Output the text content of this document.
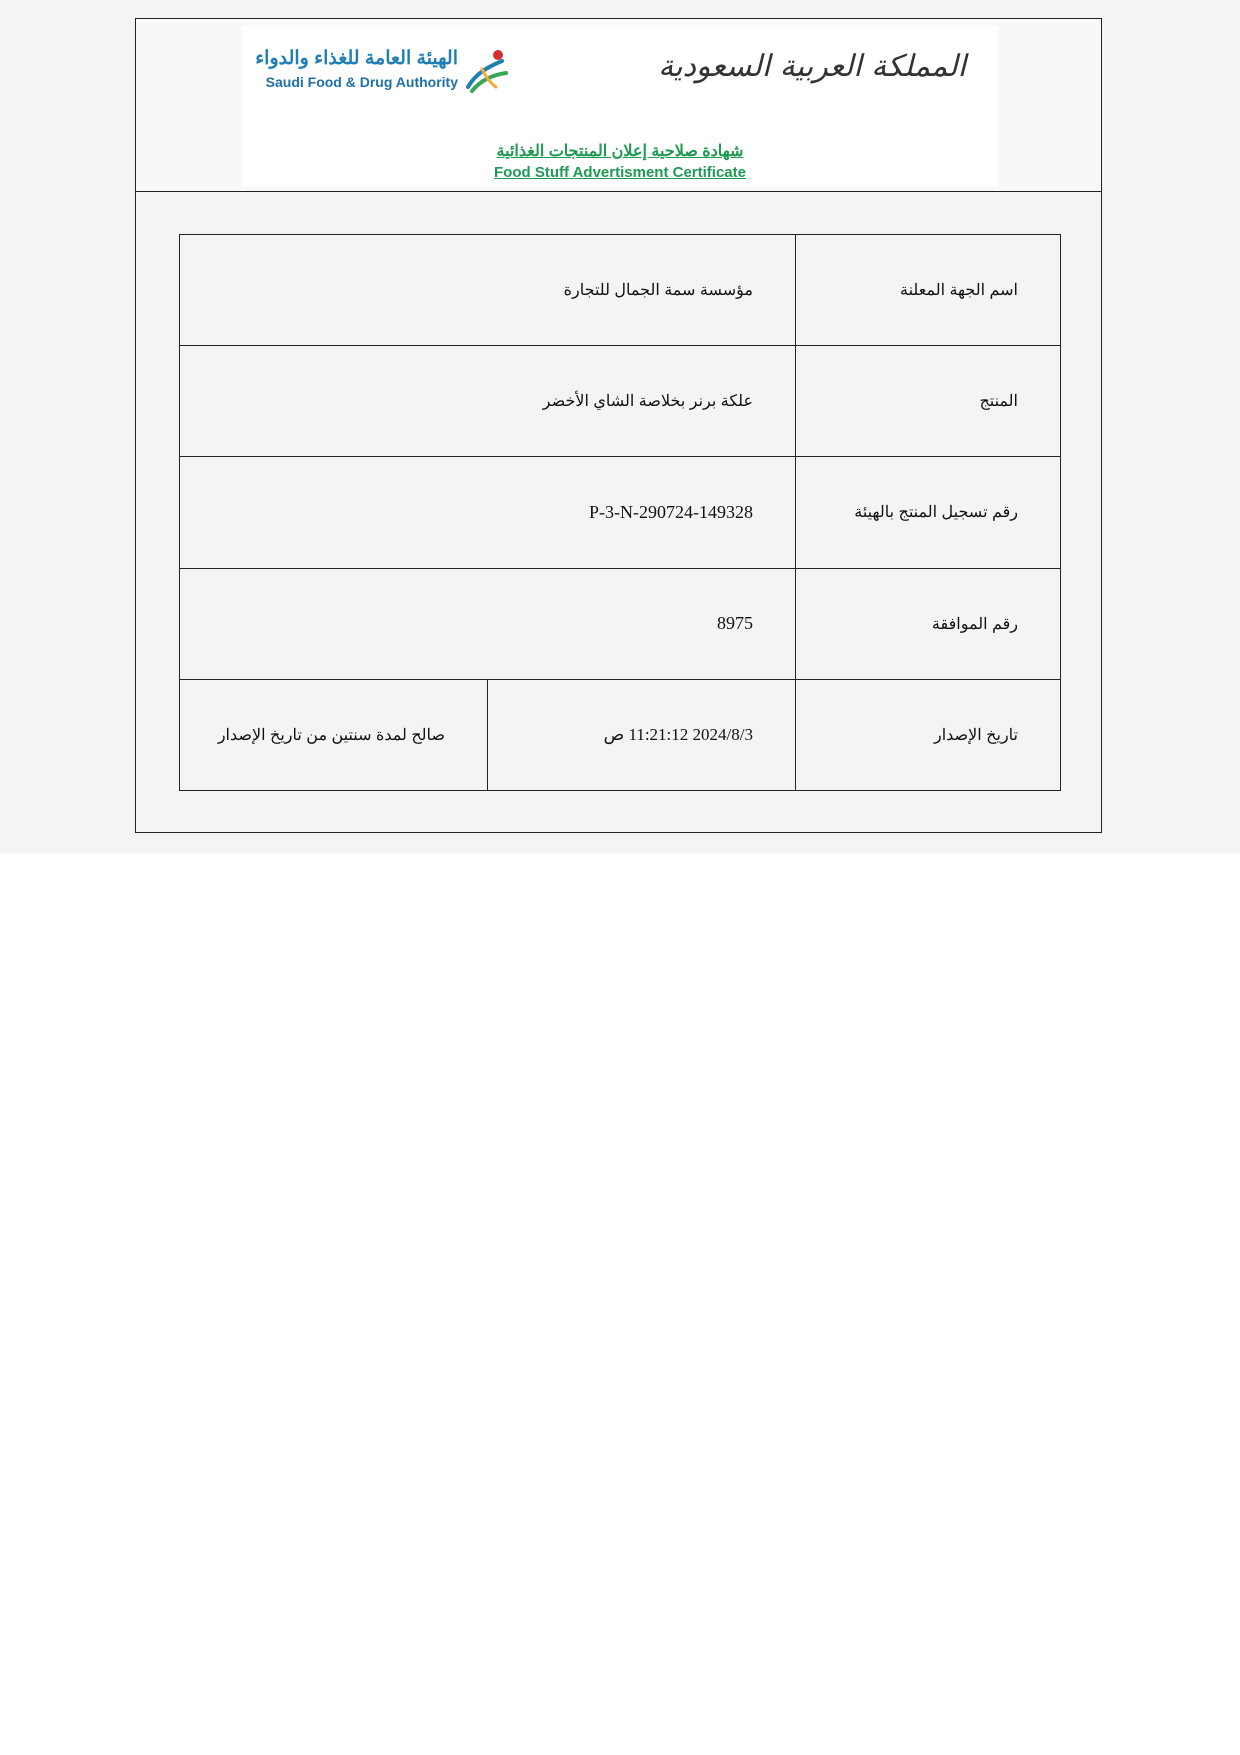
الهيئة العامة للغذاء والدواء
Saudi Food & Drug Authority	المملكة العربية السعودية
شهادة صلاحية إعلان المنتجات الغذائية
Food Stuff Advertisment Certificate
مؤسسة سمة الجمال للتجارة		اسم الجهة المعلنة
علكة برنر بخلاصة الشاي الأخضر		المنتج
P-3-N-290724-149328		رقم تسجيل المنتج بالهيئة
8975		رقم الموافقة
صالح لمدة سنتين من تاريخ الإصدار	2024/8/3 11:21:12 ص	تاريخ الإصدار
